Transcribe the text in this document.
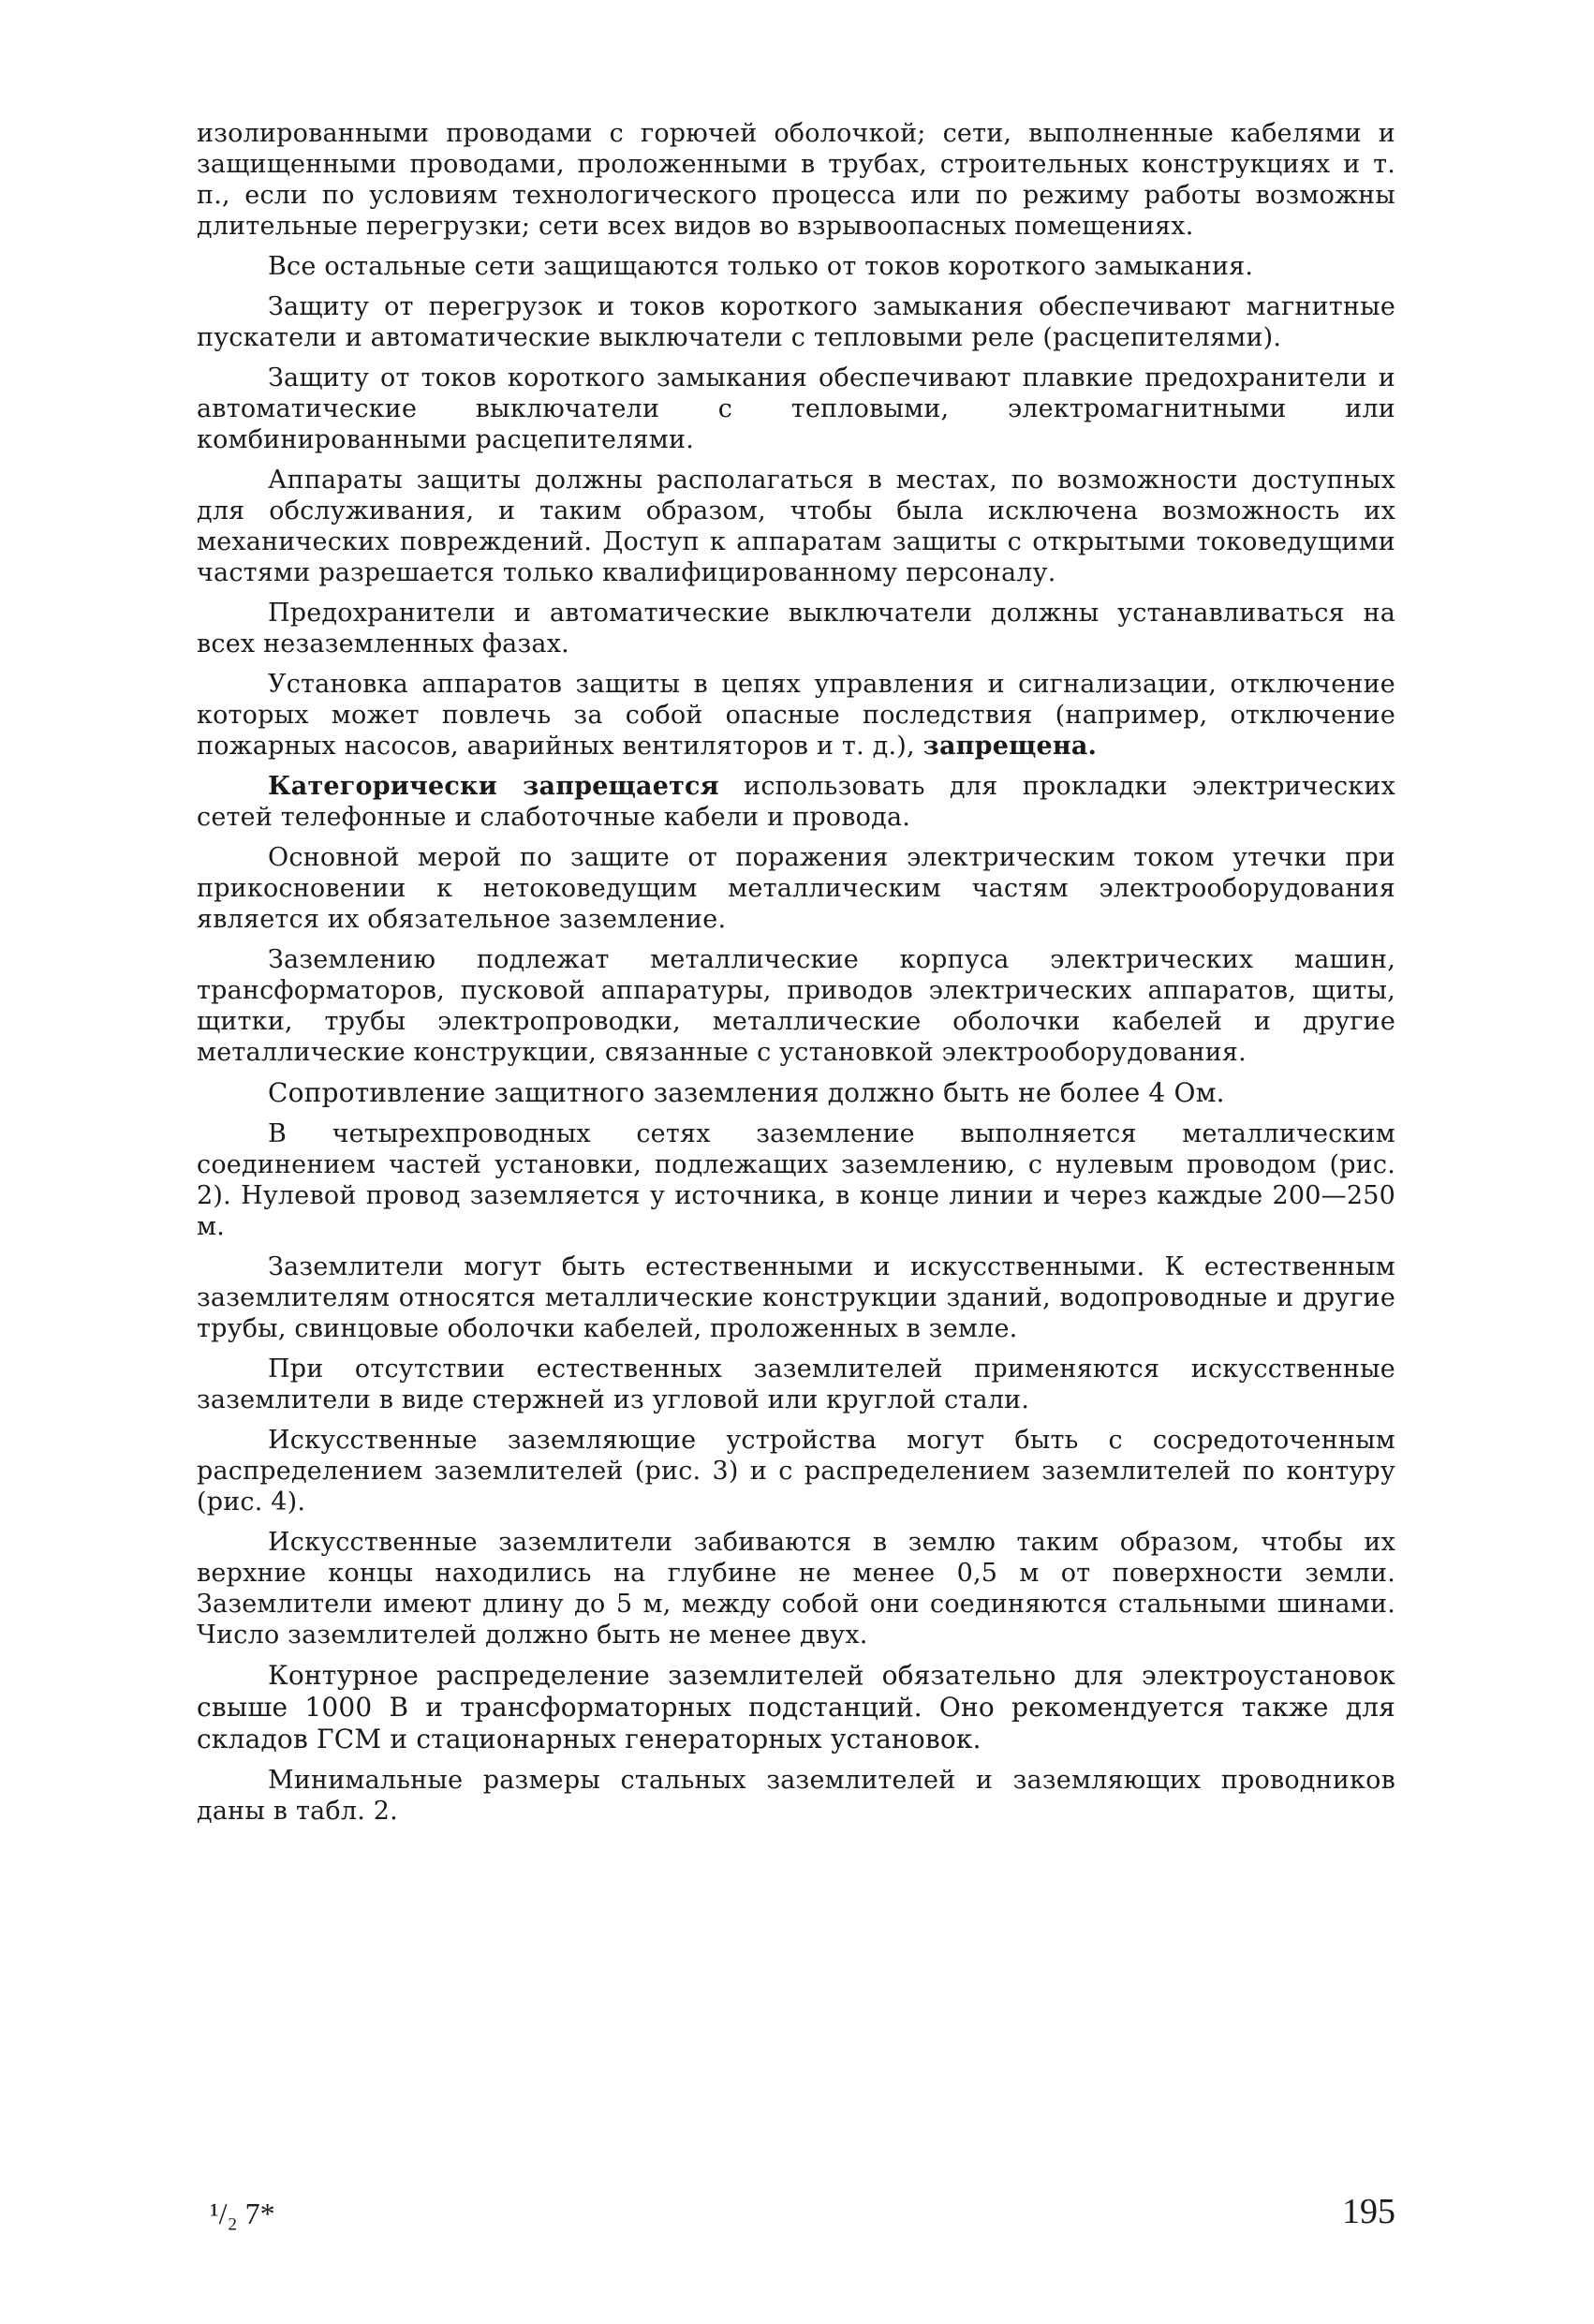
изолированными проводами с горючей оболочкой; сети, выполненные кабелями и защищенными проводами, проложенными в трубах, строительных конструкциях и т. п., если по условиям технологического процесса или по режиму работы возможны длительные перегрузки; сети всех видов во взрывоопасных помещениях.

Все остальные сети защищаются только от токов короткого замыкания.

Защиту от перегрузок и токов короткого замыкания обеспечивают магнитные пускатели и автоматические выключатели с тепловыми реле (расцепителями).

Защиту от токов короткого замыкания обеспечивают плавкие предохранители и автоматические выключатели с тепловыми, электромагнитными или комбинированными расцепителями.

Аппараты защиты должны располагаться в местах, по возможности доступных для обслуживания, и таким образом, чтобы была исключена возможность их механических повреждений. Доступ к аппаратам защиты с открытыми токоведущими частями разрешается только квалифицированному персоналу.

Предохранители и автоматические выключатели должны устанавливаться на всех незаземленных фазах.

Установка аппаратов защиты в цепях управления и сигнализации, отключение которых может повлечь за собой опасные последствия (например, отключение пожарных насосов, аварийных вентиляторов и т. д.), запрещена.

Категорически запрещается использовать для прокладки электрических сетей телефонные и слаботочные кабели и провода.

Основной мерой по защите от поражения электрическим током утечки при прикосновении к нетоковедущим металлическим частям электрооборудования является их обязательное заземление.

Заземлению подлежат металлические корпуса электрических машин, трансформаторов, пусковой аппаратуры, приводов электрических аппаратов, щиты, щитки, трубы электропроводки, металлические оболочки кабелей и другие металлические конструкции, связанные с установкой электрооборудования.

Сопротивление защитного заземления должно быть не более 4 Ом.

В четырехпроводных сетях заземление выполняется металлическим соединением частей установки, подлежащих заземлению, с нулевым проводом (рис. 2). Нулевой провод заземляется у источника, в конце линии и через каждые 200—250 м.

Заземлители могут быть естественными и искусственными. К естественным заземлителям относятся металлические конструкции зданий, водопроводные и другие трубы, свинцовые оболочки кабелей, проложенных в земле.

При отсутствии естественных заземлителей применяются искусственные заземлители в виде стержней из угловой или круглой стали.

Искусственные заземляющие устройства могут быть с сосредоточенным распределением заземлителей (рис. 3) и с распределением заземлителей по контуру (рис. 4).

Искусственные заземлители забиваются в землю таким образом, чтобы их верхние концы находились на глубине не менее 0,5 м от поверхности земли. Заземлители имеют длину до 5 м, между собой они соединяются стальными шинами. Число заземлителей должно быть не менее двух.

Контурное распределение заземлителей обязательно для электроустановок свыше 1000 В и трансформаторных подстанций. Оно рекомендуется также для складов ГСМ и стационарных генераторных установок.

Минимальные размеры стальных заземлителей и заземляющих проводников даны в табл. 2.

¹/₂ 7*	195
